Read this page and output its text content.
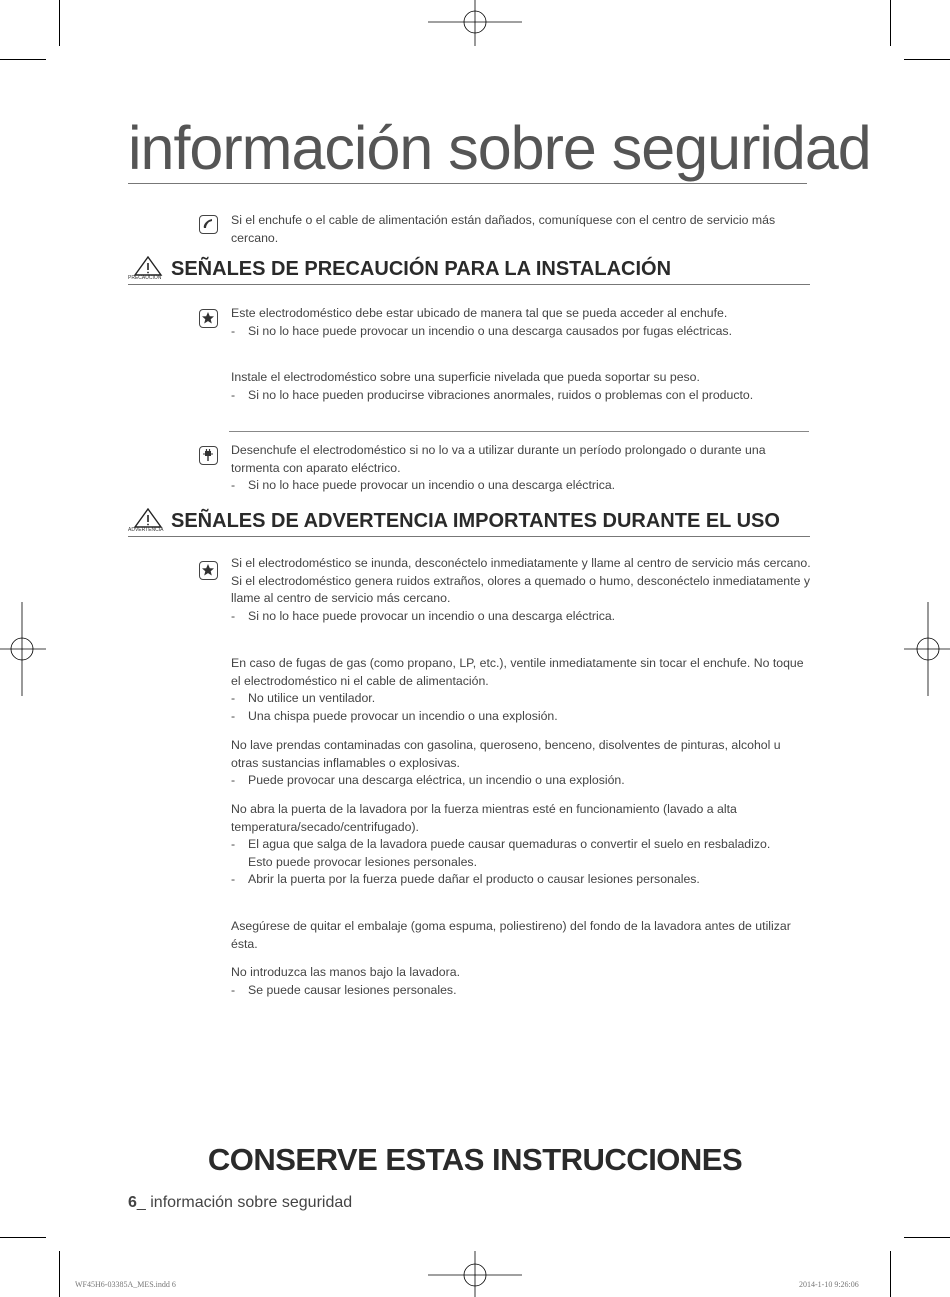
información sobre seguridad

Si el enchufe o el cable de alimentación están dañados, comuníquese con el centro de servicio más cercano.

PRECAUCIÓN SEÑALES DE PRECAUCIÓN PARA LA INSTALACIÓN
Este electrodoméstico debe estar ubicado de manera tal que se pueda acceder al enchufe.
- Si no lo hace puede provocar un incendio o una descarga causados por fugas eléctricas.
Instale el electrodoméstico sobre una superficie nivelada que pueda soportar su peso.
- Si no lo hace pueden producirse vibraciones anormales, ruidos o problemas con el producto.
Desenchufe el electrodoméstico si no lo va a utilizar durante un período prolongado o durante una tormenta con aparato eléctrico.
- Si no lo hace puede provocar un incendio o una descarga eléctrica.
ADVERTENCIA SEÑALES DE ADVERTENCIA IMPORTANTES DURANTE EL USO
Si el electrodoméstico se inunda, desconéctelo inmediatamente y llame al centro de servicio más cercano.
Si el electrodoméstico genera ruidos extraños, olores a quemado o humo, desconéctelo inmediatamente y llame al centro de servicio más cercano.
- Si no lo hace puede provocar un incendio o una descarga eléctrica.
En caso de fugas de gas (como propano, LP, etc.), ventile inmediatamente sin tocar el enchufe. No toque el electrodoméstico ni el cable de alimentación.
- No utilice un ventilador.
- Una chispa puede provocar un incendio o una explosión.
No lave prendas contaminadas con gasolina, queroseno, benceno, disolventes de pinturas, alcohol u otras sustancias inflamables o explosivas.
- Puede provocar una descarga eléctrica, un incendio o una explosión.
No abra la puerta de la lavadora por la fuerza mientras esté en funcionamiento (lavado a alta temperatura/secado/centrifugado).
- El agua que salga de la lavadora puede causar quemaduras o convertir el suelo en resbaladizo.
Esto puede provocar lesiones personales.
- Abrir la puerta por la fuerza puede dañar el producto o causar lesiones personales.
Asegúrese de quitar el embalaje (goma espuma, poliestireno) del fondo de la lavadora antes de utilizar ésta.
No introduzca las manos bajo la lavadora.
- Se puede causar lesiones personales.
CONSERVE ESTAS INSTRUCCIONES
6_ información sobre seguridad
WF45H6-03385A_MES.indd 6	2014-1-10 9:26:06
